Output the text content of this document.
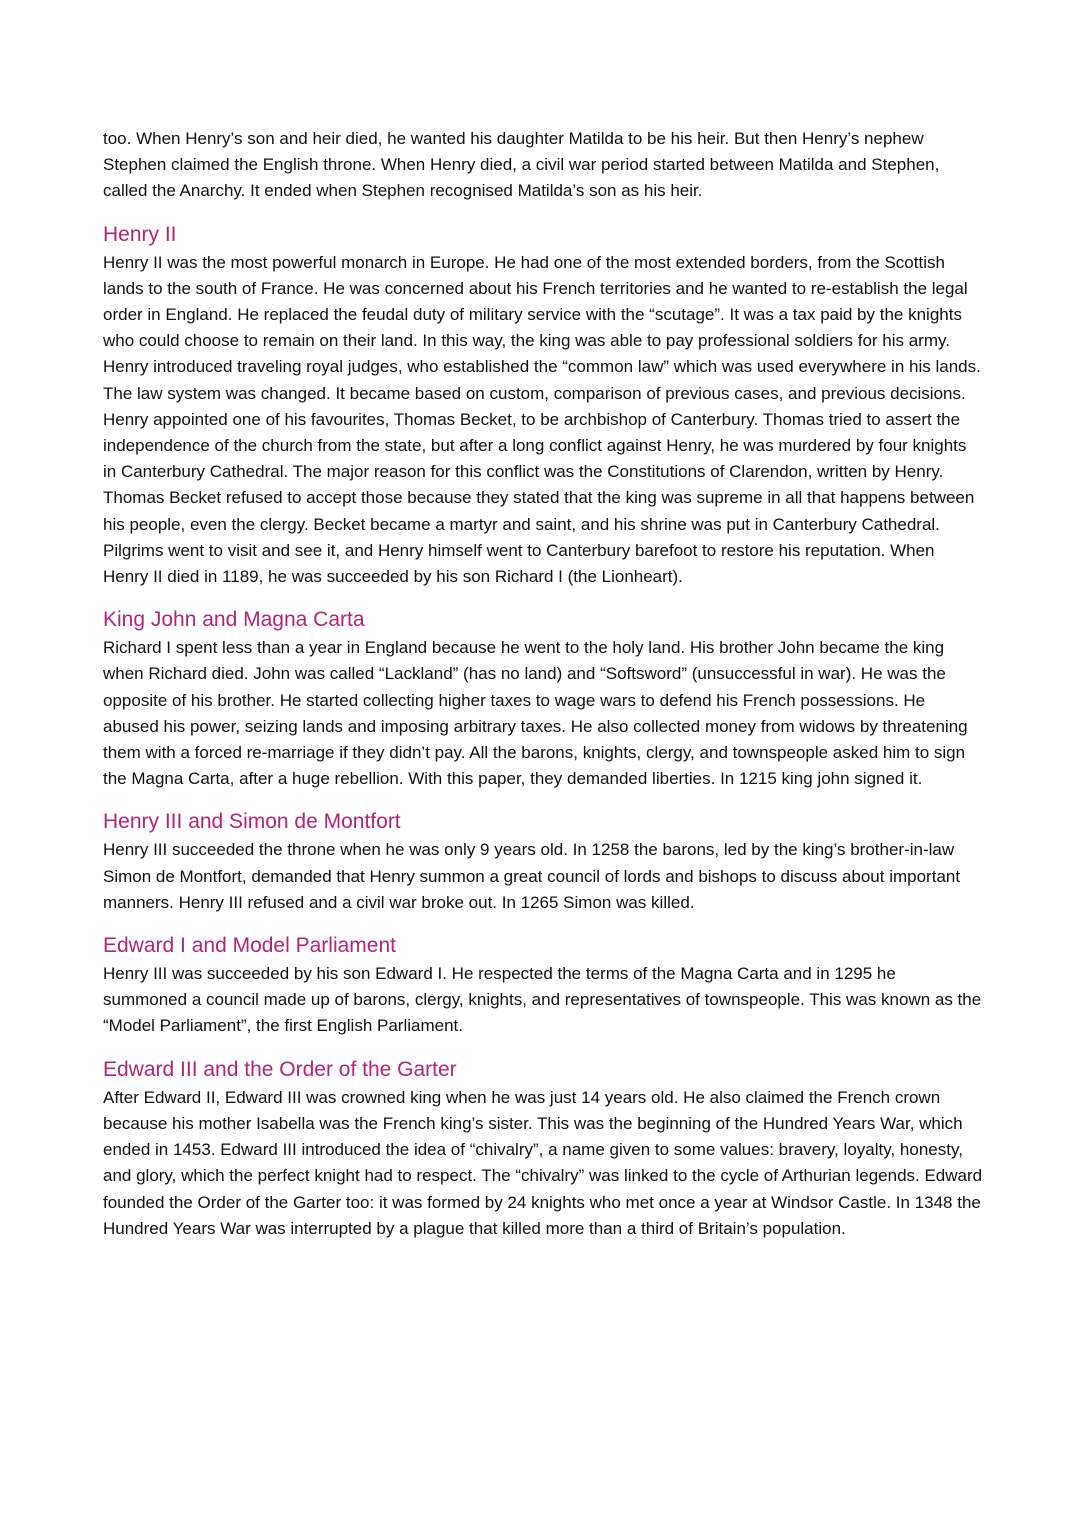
too. When Henry’s son and heir died, he wanted his daughter Matilda to be his heir. But then Henry’s nephew Stephen claimed the English throne. When Henry died, a civil war period started between Matilda and Stephen, called the Anarchy. It ended when Stephen recognised Matilda’s son as his heir.

Henry II

Henry II was the most powerful monarch in Europe. He had one of the most extended borders, from the Scottish lands to the south of France. He was concerned about his French territories and he wanted to re-establish the legal order in England. He replaced the feudal duty of military service with the “scutage”. It was a tax paid by the knights who could choose to remain on their land. In this way, the king was able to pay professional soldiers for his army. Henry introduced traveling royal judges, who established the “common law” which was used everywhere in his lands. The law system was changed. It became based on custom, comparison of previous cases, and previous decisions. Henry appointed one of his favourites, Thomas Becket, to be archbishop of Canterbury. Thomas tried to assert the independence of the church from the state, but after a long conflict against Henry, he was murdered by four knights in Canterbury Cathedral. The major reason for this conflict was the Constitutions of Clarendon, written by Henry. Thomas Becket refused to accept those because they stated that the king was supreme in all that happens between his people, even the clergy. Becket became a martyr and saint, and his shrine was put in Canterbury Cathedral. Pilgrims went to visit and see it, and Henry himself went to Canterbury barefoot to restore his reputation. When Henry II died in 1189, he was succeeded by his son Richard I (the Lionheart).

King John and Magna Carta

Richard I spent less than a year in England because he went to the holy land. His brother John became the king when Richard died. John was called “Lackland” (has no land) and “Softsword” (unsuccessful in war). He was the opposite of his brother. He started collecting higher taxes to wage wars to defend his French possessions. He abused his power, seizing lands and imposing arbitrary taxes. He also collected money from widows by threatening them with a forced re-marriage if they didn’t pay. All the barons, knights, clergy, and townspeople asked him to sign the Magna Carta, after a huge rebellion. With this paper, they demanded liberties. In 1215 king john signed it.

Henry III and Simon de Montfort

Henry III succeeded the throne when he was only 9 years old. In 1258 the barons, led by the king’s brother-in-law Simon de Montfort, demanded that Henry summon a great council of lords and bishops to discuss about important manners. Henry III refused and a civil war broke out. In 1265 Simon was killed.

Edward I and Model Parliament

Henry III was succeeded by his son Edward I. He respected the terms of the Magna Carta and in 1295 he summoned a council made up of barons, clergy, knights, and representatives of townspeople. This was known as the “Model Parliament”, the first English Parliament.

Edward III and the Order of the Garter

After Edward II, Edward III was crowned king when he was just 14 years old. He also claimed the French crown because his mother Isabella was the French king’s sister. This was the beginning of the Hundred Years War, which ended in 1453. Edward III introduced the idea of “chivalry”, a name given to some values: bravery, loyalty, honesty, and glory, which the perfect knight had to respect. The “chivalry” was linked to the cycle of Arthurian legends. Edward founded the Order of the Garter too: it was formed by 24 knights who met once a year at Windsor Castle. In 1348 the Hundred Years War was interrupted by a plague that killed more than a third of Britain’s population.
